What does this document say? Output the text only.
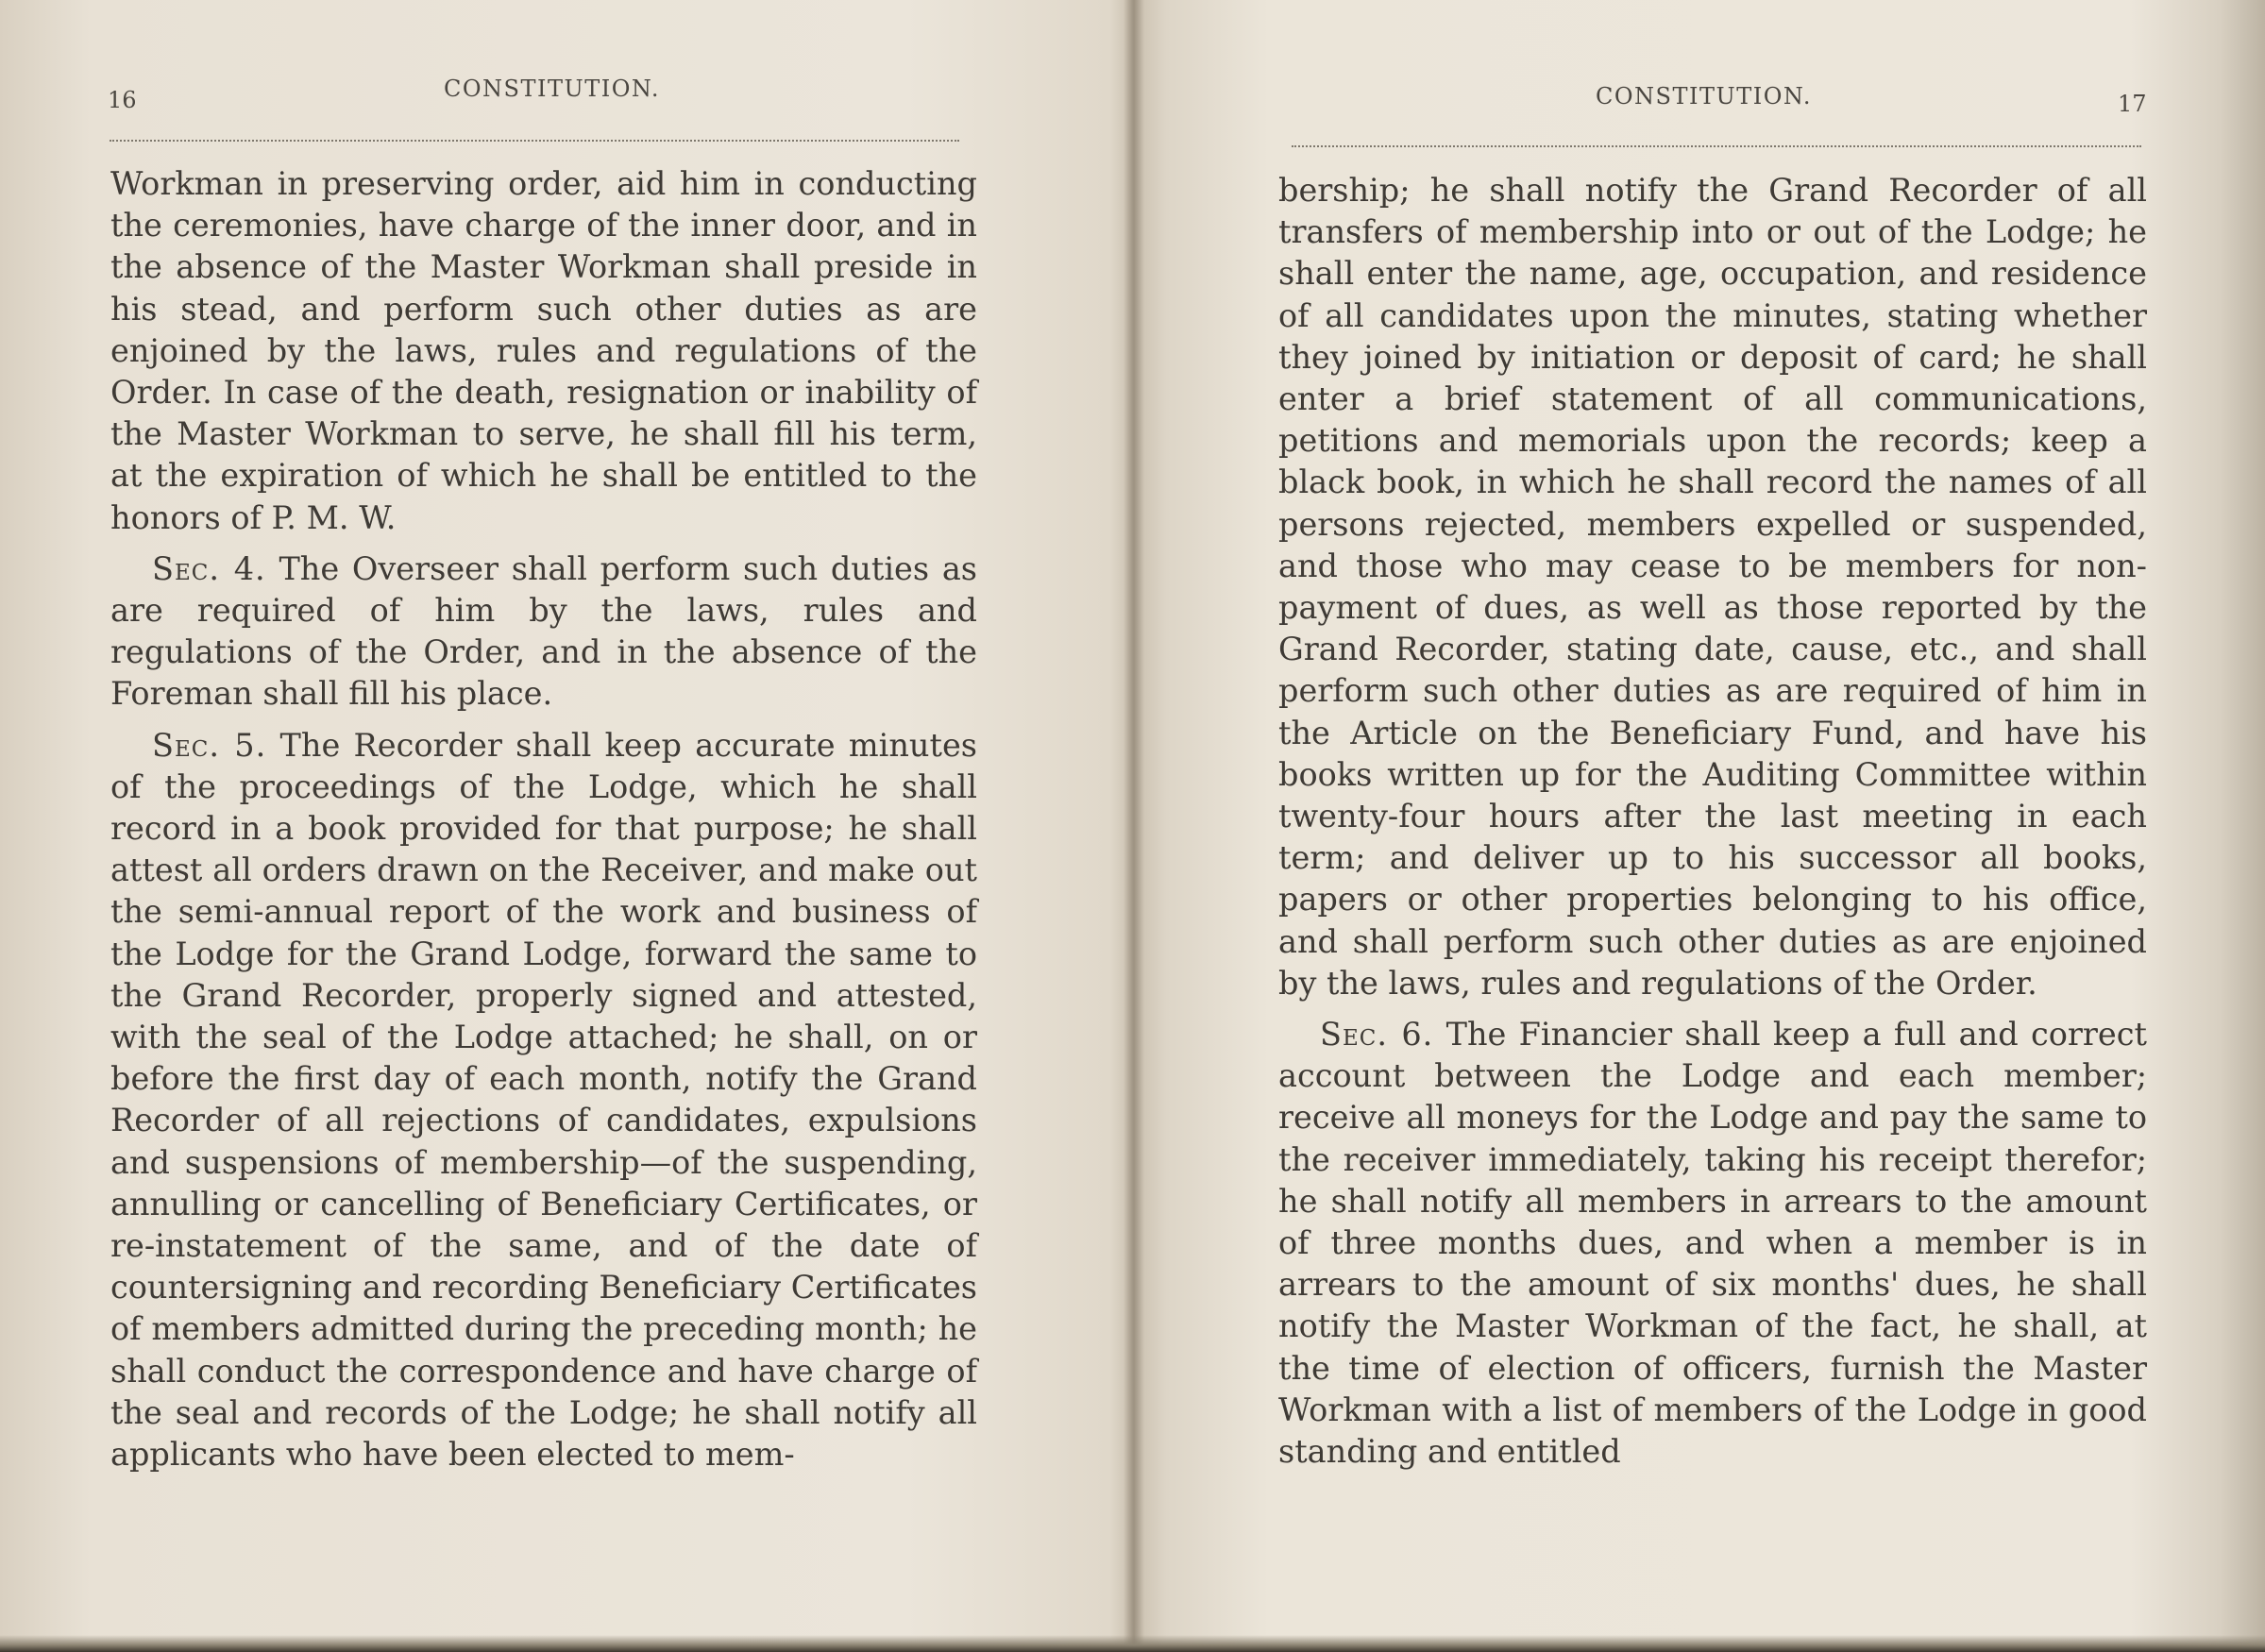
16	CONSTITUTION.

Workman in preserving order, aid him in conducting the ceremonies, have charge of the inner door, and in the absence of the Master Workman shall preside in his stead, and perform such other duties as are enjoined by the laws, rules and regulations of the Order. In case of the death, resignation or inability of the Master Workman to serve, he shall fill his term, at the expiration of which he shall be entitled to the honors of P. M. W.

Sec. 4. The Overseer shall perform such duties as are required of him by the laws, rules and regulations of the Order, and in the absence of the Foreman shall fill his place.

Sec. 5. The Recorder shall keep accurate minutes of the proceedings of the Lodge, which he shall record in a book provided for that purpose; he shall attest all orders drawn on the Receiver, and make out the semi-annual report of the work and business of the Lodge for the Grand Lodge, forward the same to the Grand Recorder, properly signed and attested, with the seal of the Lodge attached; he shall, on or before the first day of each month, notify the Grand Recorder of all rejections of candidates, expulsions and suspensions of membership—of the suspending, annulling or cancelling of Beneficiary Certificates, or re-instatement of the same, and of the date of countersigning and recording Beneficiary Certificates of members admitted during the preceding month; he shall conduct the correspondence and have charge of the seal and records of the Lodge; he shall notify all applicants who have been elected to mem-

CONSTITUTION.	17

bership; he shall notify the Grand Recorder of all transfers of membership into or out of the Lodge; he shall enter the name, age, occupation, and residence of all candidates upon the minutes, stating whether they joined by initiation or deposit of card; he shall enter a brief statement of all communications, petitions and memorials upon the records; keep a black book, in which he shall record the names of all persons rejected, members expelled or suspended, and those who may cease to be members for non-payment of dues, as well as those reported by the Grand Recorder, stating date, cause, etc., and shall perform such other duties as are required of him in the Article on the Beneficiary Fund, and have his books written up for the Auditing Committee within twenty-four hours after the last meeting in each term; and deliver up to his successor all books, papers or other properties belonging to his office, and shall perform such other duties as are enjoined by the laws, rules and regulations of the Order.

Sec. 6. The Financier shall keep a full and correct account between the Lodge and each member; receive all moneys for the Lodge and pay the same to the receiver immediately, taking his receipt therefor; he shall notify all members in arrears to the amount of three months dues, and when a member is in arrears to the amount of six months' dues, he shall notify the Master Workman of the fact, he shall, at the time of election of officers, furnish the Master Workman with a list of members of the Lodge in good standing and entitled
